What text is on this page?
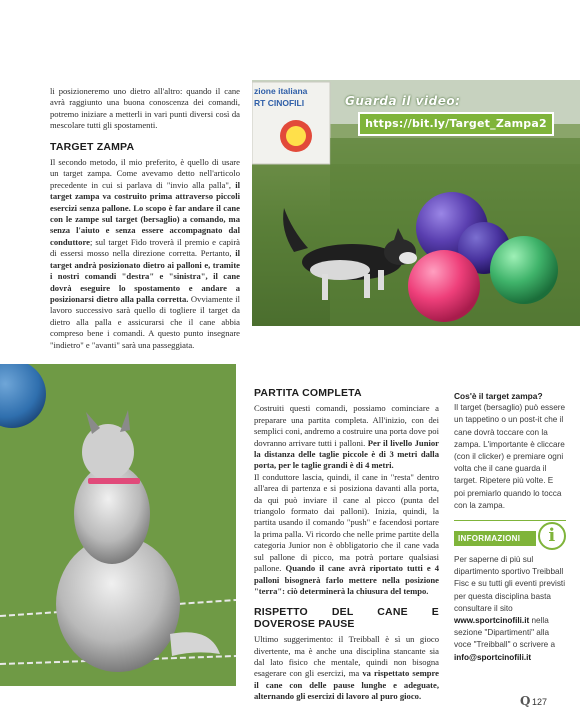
li posizioneremo uno dietro all'altro: quando il cane avrà raggiunto una buona conoscenza dei comandi, potremo iniziare a metterli in vari punti diversi così da mescolare tutti gli spostamenti.

TARGET ZAMPA

Il secondo metodo, il mio preferito, è quello di usare un target zampa. Come avevamo detto nell'articolo precedente in cui si parlava di "invio alla palla", il target zampa va costruito prima attraverso piccoli esercizi senza pallone. Lo scopo è far andare il cane con le zampe sul target (bersaglio) a comando, ma senza l'aiuto e senza essere accompagnato dal conduttore; sul target Fido troverà il premio e capirà di essersi mosso nella direzione corretta. Pertanto, il target andrà posizionato dietro ai palloni e, tramite i nostri comandi "destra" e "sinistra", il cane dovrà eseguire lo spostamento e andare a posizionarsi dietro alla palla corretta. Ovviamente il lavoro successivo sarà quello di togliere il target da dietro alla palla e assicurarsi che il cane abbia compreso bene i comandi. A questo punto insegnare "indietro" e "avanti" sarà una passeggiata.

zione italiana
RT CINOFILI	Guarda il video:
https://bit.ly/Target_Zampa2
PARTITA COMPLETA

Costruiti questi comandi, possiamo cominciare a preparare una partita completa. All'inizio, con dei semplici coni, andremo a costruire una porta dove poi dovranno arrivare tutti i palloni. Per il livello Junior la distanza delle taglie piccole è di 3 metri dalla porta, per le taglie grandi è di 4 metri.

Il conduttore lascia, quindi, il cane in "resta" dentro all'area di partenza e si posiziona davanti alla porta, da qui può inviare il cane al picco (punta del triangolo formato dai palloni). Inizia, quindi, la partita usando il comando "push" e facendosi portare la prima palla. Vi ricordo che nelle prime partite della categoria Junior non è obbligatorio che il cane vada sul pallone di picco, ma potrà portare qualsiasi pallone. Quando il cane avrà riportato tutti e 4 palloni bisognerà farlo mettere nella posizione "terra": ciò determinerà la chiusura del tempo.

RISPETTO DEL CANE E DOVEROSE PAUSE

Ultimo suggerimento: il Treibball è sì un gioco divertente, ma è anche una disciplina stancante sia dal lato fisico che mentale, quindi non bisogna esagerare con gli esercizi, ma va rispettato sempre il cane con delle pause lunghe e adeguate, alternando gli esercizi di lavoro al puro gioco.

Cos'è il target zampa?
Il target (bersaglio) può essere un tappetino o un post-it che il cane dovrà toccare con la zampa. L'importante è cliccare (con il clicker) e premiare ogni volta che il cane guarda il target. Ripetere più volte. E poi premiarlo quando lo tocca con la zampa.
INFORMAZIONI	i
Per saperne di più sul dipartimento sportivo Treibball Fisc e su tutti gli eventi previsti per questa disciplina basta consultare il sito www.sportcinofili.it nella sezione "Dipartimenti" alla voce "Treibball" o scrivere a info@sportcinofili.it
Q 127
